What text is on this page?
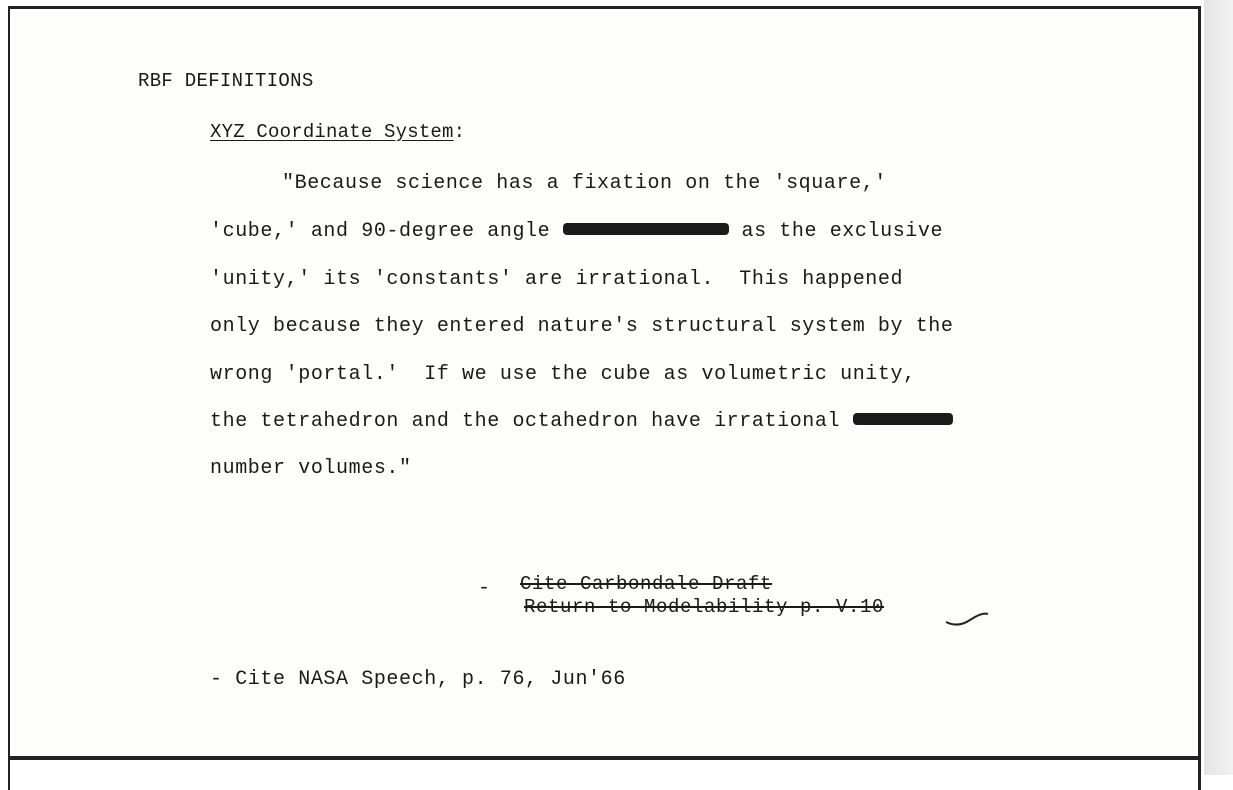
RBF DEFINITIONS
XYZ Coordinate System:
"Because science has a fixation on the 'square,'
'cube,' and 90-degree angle	as the exclusive
'unity,' its 'constants' are irrational.  This happened
only because they entered nature's structural system by the
wrong 'portal.'  If we use the cube as volumetric unity,
the tetrahedron and the octahedron have irrational
number volumes."
- Cite Carbondale Draft
Return to Modelability p. V.10
- Cite NASA Speech, p. 76, Jun'66
